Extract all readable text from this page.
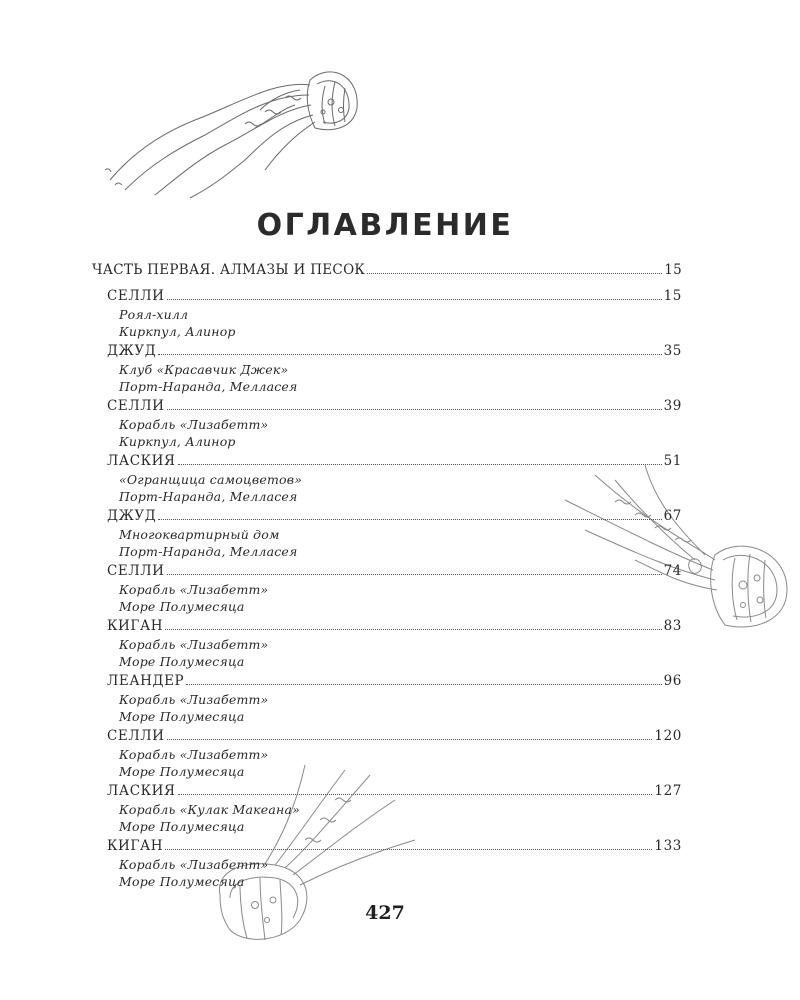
ОГЛАВЛЕНИЕ
ЧАСТЬ ПЕРВАЯ. АЛМАЗЫ И ПЕСОК	15
СЕЛЛИ	15
Роял-хилл
Киркпул, Алинор
ДЖУД	35
Клуб «Красавчик Джек»
Порт-Наранда, Мелласея
СЕЛЛИ	39
Корабль «Лизабетт»
Киркпул, Алинор
ЛАСКИЯ	51
«Огранщица самоцветов»
Порт-Наранда, Мелласея
ДЖУД	67
Многоквартирный дом
Порт-Наранда, Мелласея
СЕЛЛИ	74
Корабль «Лизабетт»
Море Полумесяца
КИГАН	83
Корабль «Лизабетт»
Море Полумесяца
ЛЕАНДЕР	96
Корабль «Лизабетт»
Море Полумесяца
СЕЛЛИ	120
Корабль «Лизабетт»
Море Полумесяца
ЛАСКИЯ	127
Корабль «Кулак Макеана»
Море Полумесяца
КИГАН	133
Корабль «Лизабетт»
Море Полумесяца
427
